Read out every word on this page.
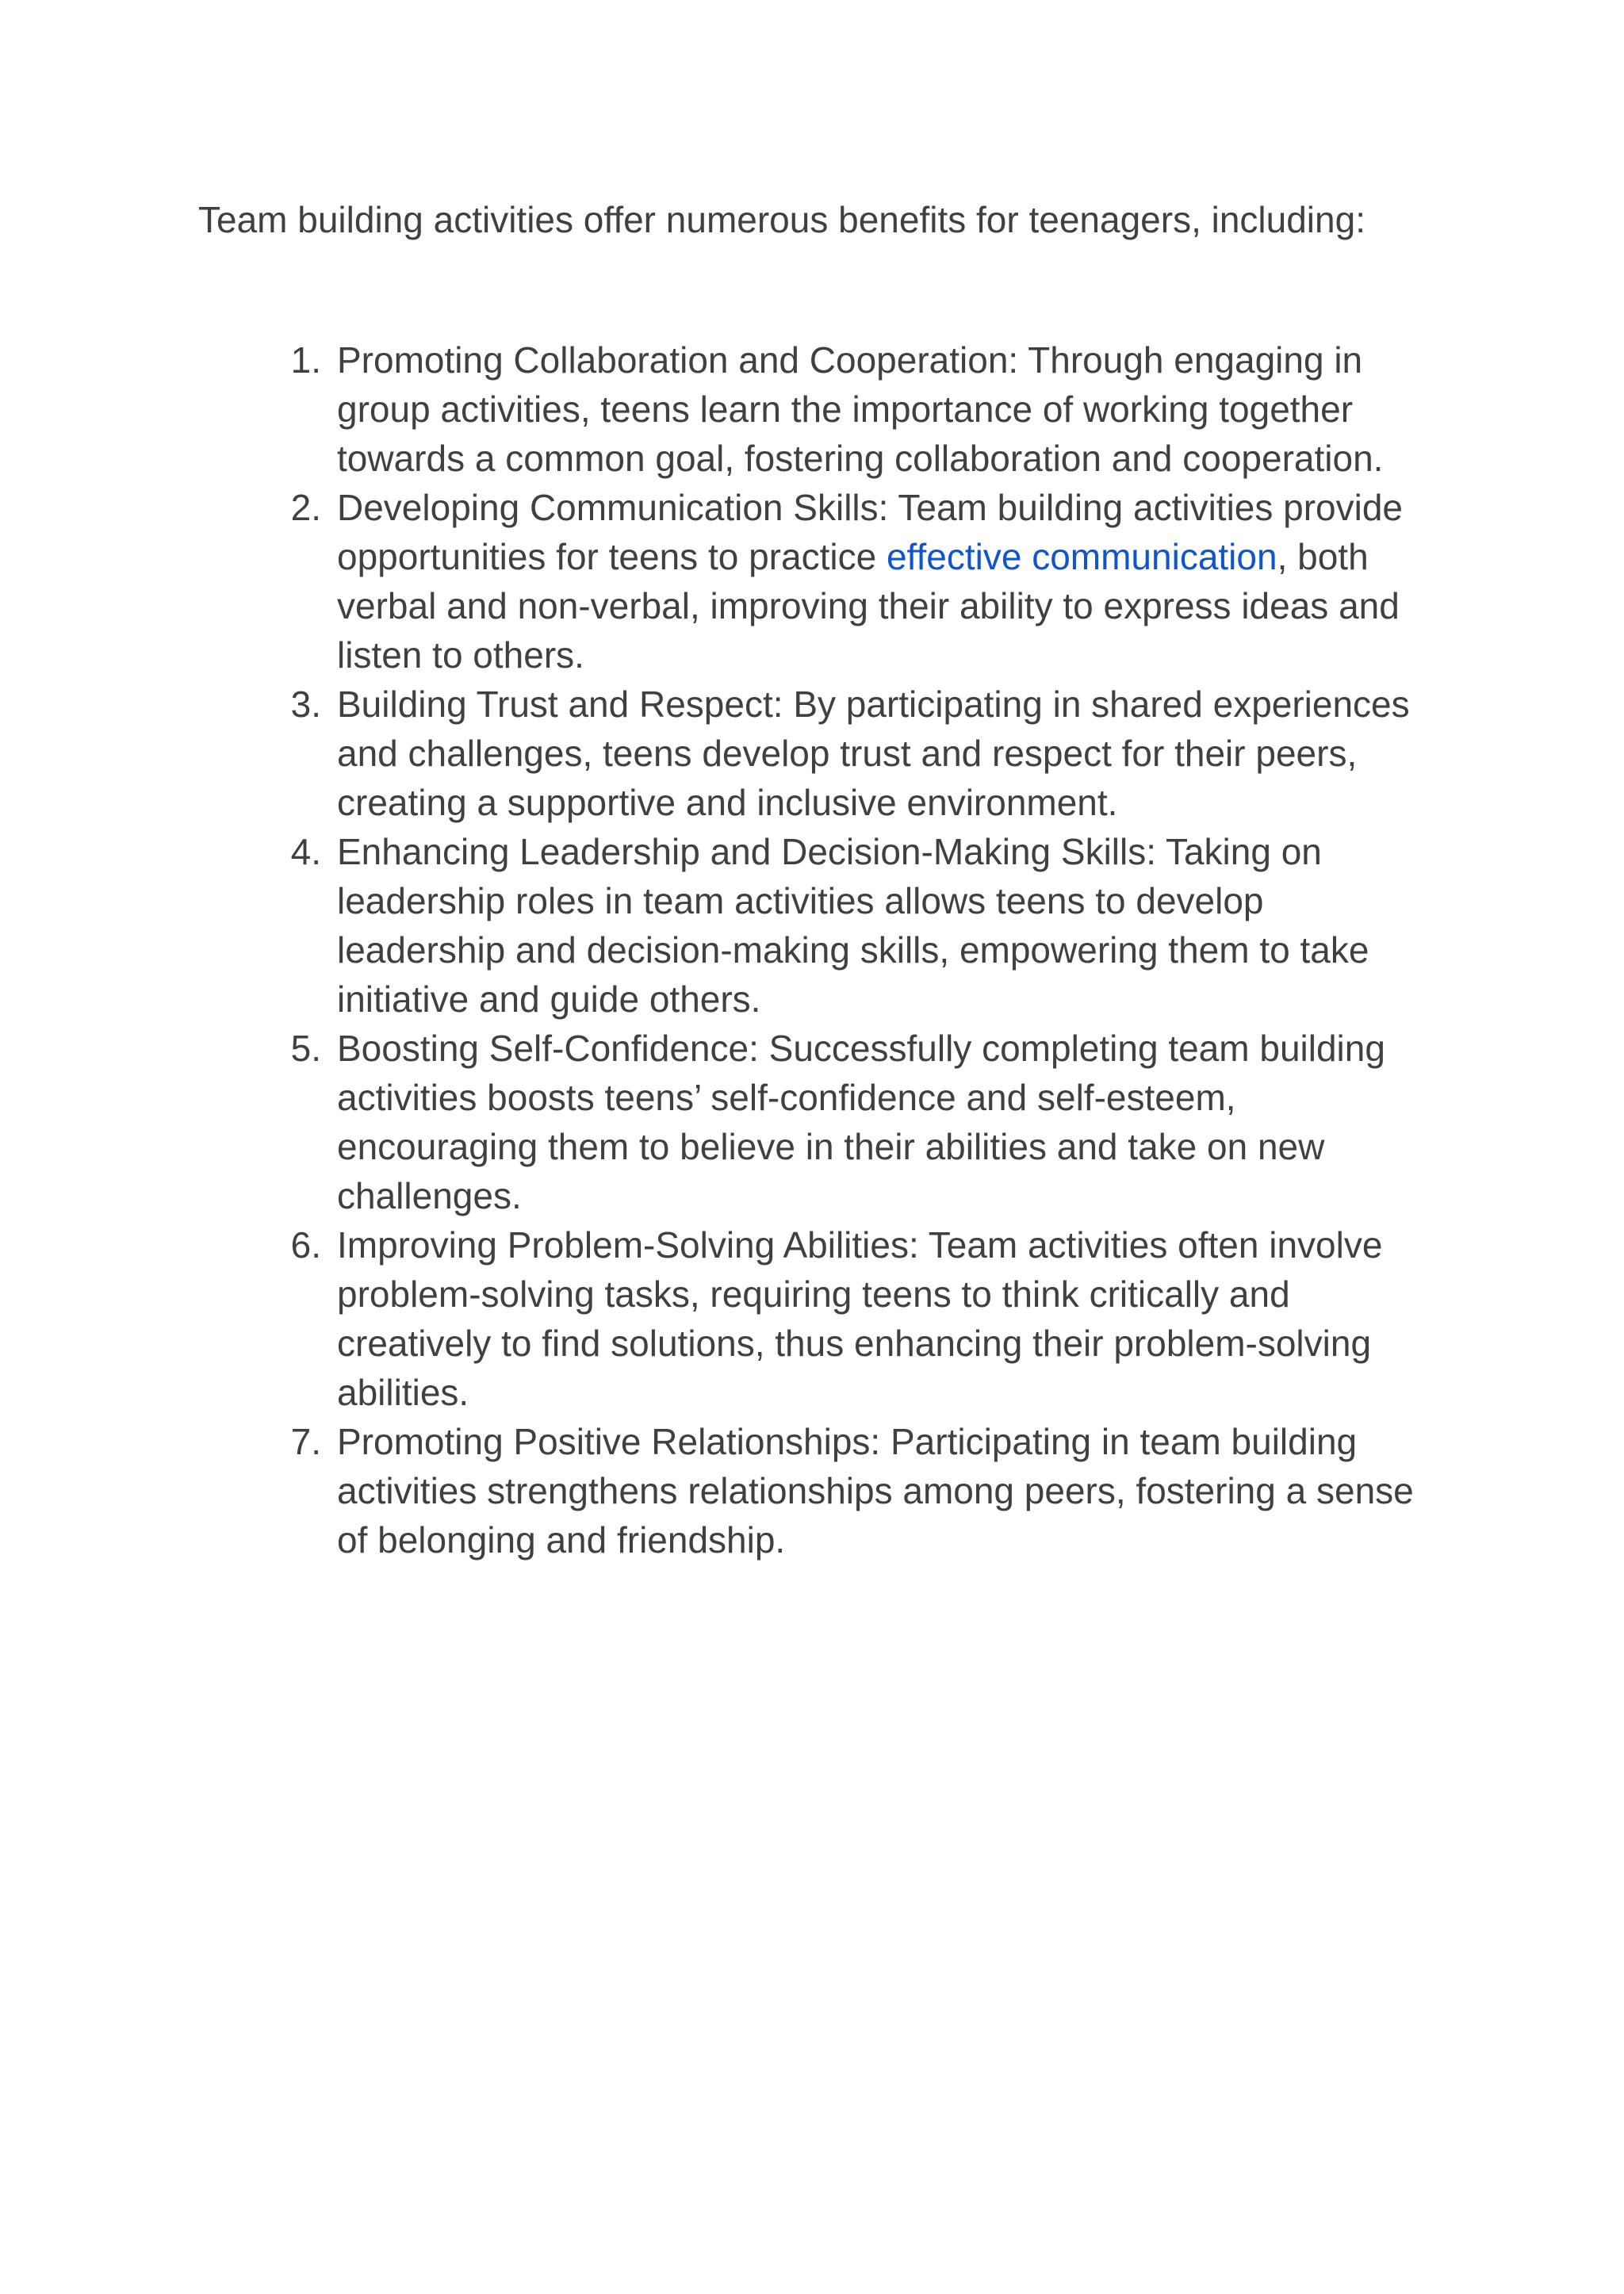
Team building activities offer numerous benefits for teenagers, including:

1. Promoting Collaboration and Cooperation: Through engaging in
group activities, teens learn the importance of working together
towards a common goal, fostering collaboration and cooperation.
2. Developing Communication Skills: Team building activities provide
opportunities for teens to practice effective communication, both
verbal and non-verbal, improving their ability to express ideas and
listen to others.
3. Building Trust and Respect: By participating in shared experiences
and challenges, teens develop trust and respect for their peers,
creating a supportive and inclusive environment.
4. Enhancing Leadership and Decision-Making Skills: Taking on
leadership roles in team activities allows teens to develop
leadership and decision-making skills, empowering them to take
initiative and guide others.
5. Boosting Self-Confidence: Successfully completing team building
activities boosts teens’ self-confidence and self-esteem,
encouraging them to believe in their abilities and take on new
challenges.
6. Improving Problem-Solving Abilities: Team activities often involve
problem-solving tasks, requiring teens to think critically and
creatively to find solutions, thus enhancing their problem-solving
abilities.
7. Promoting Positive Relationships: Participating in team building
activities strengthens relationships among peers, fostering a sense
of belonging and friendship.
